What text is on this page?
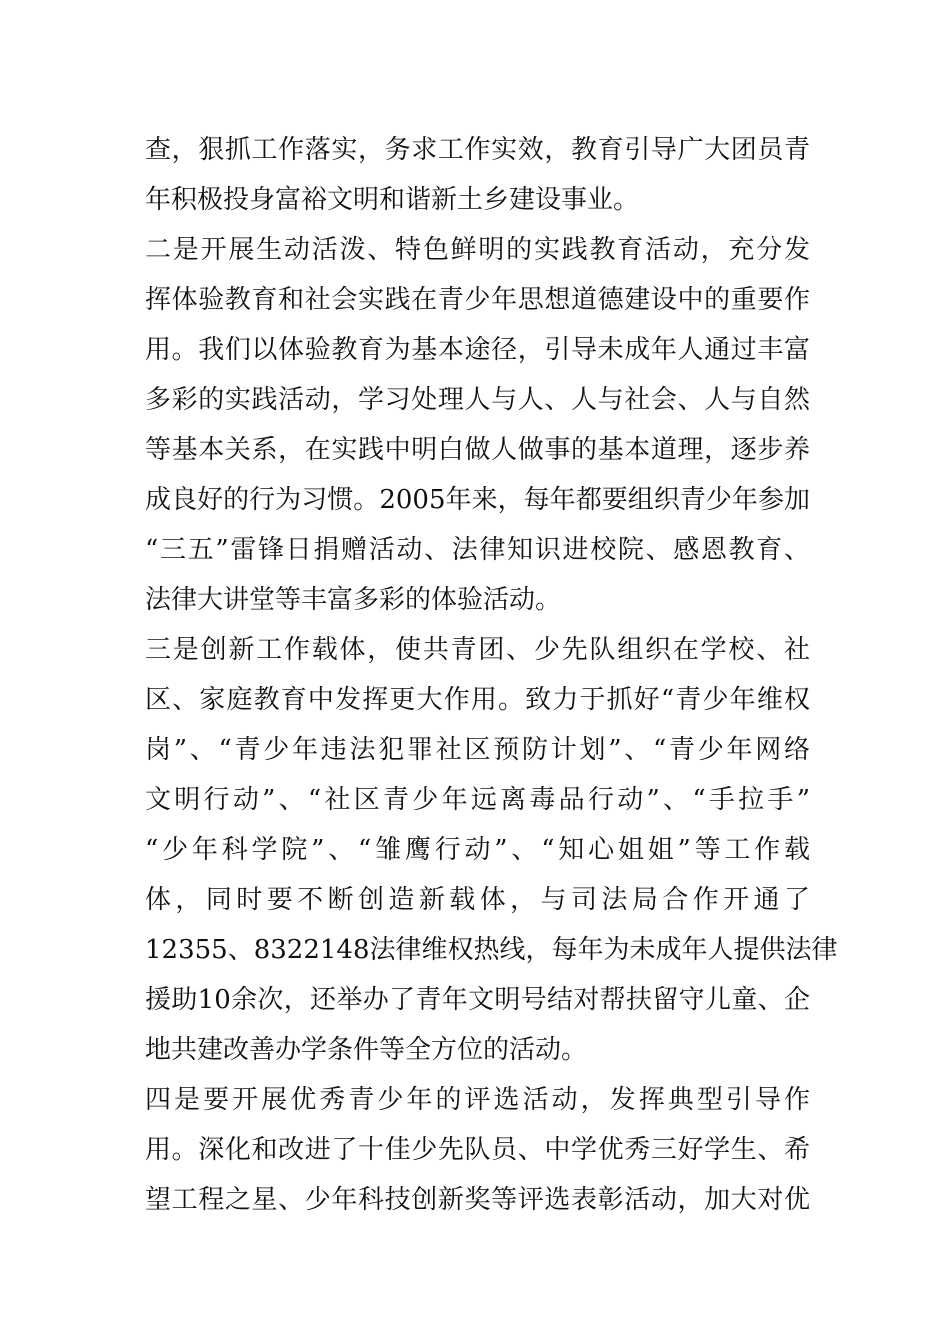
查，狠抓工作落实，务求工作实效，教育引导广大团员青
年积极投身富裕文明和谐新土乡建设事业。
二是开展生动活泼、特色鲜明的实践教育活动，充分发
挥体验教育和社会实践在青少年思想道德建设中的重要作
用。我们以体验教育为基本途径，引导未成年人通过丰富
多彩的实践活动，学习处理人与人、人与社会、人与自然
等基本关系，在实践中明白做人做事的基本道理，逐步养
成良好的行为习惯。2005年来，每年都要组织青少年参加
“三五”雷锋日捐赠活动、法律知识进校院、感恩教育、
法律大讲堂等丰富多彩的体验活动。
三是创新工作载体，使共青团、少先队组织在学校、社
区、家庭教育中发挥更大作用。致力于抓好“青少年维权
岗”、“青少年违法犯罪社区预防计划”、“青少年网络
文明行动”、“社区青少年远离毒品行动”、“手拉手”
“少年科学院”、“雏鹰行动”、“知心姐姐”等工作载
体，同时要不断创造新载体，与司法局合作开通了
12355、8322148法律维权热线，每年为未成年人提供法律
援助10余次，还举办了青年文明号结对帮扶留守儿童、企
地共建改善办学条件等全方位的活动。
四是要开展优秀青少年的评选活动，发挥典型引导作
用。深化和改进了十佳少先队员、中学优秀三好学生、希
望工程之星、少年科技创新奖等评选表彰活动，加大对优
